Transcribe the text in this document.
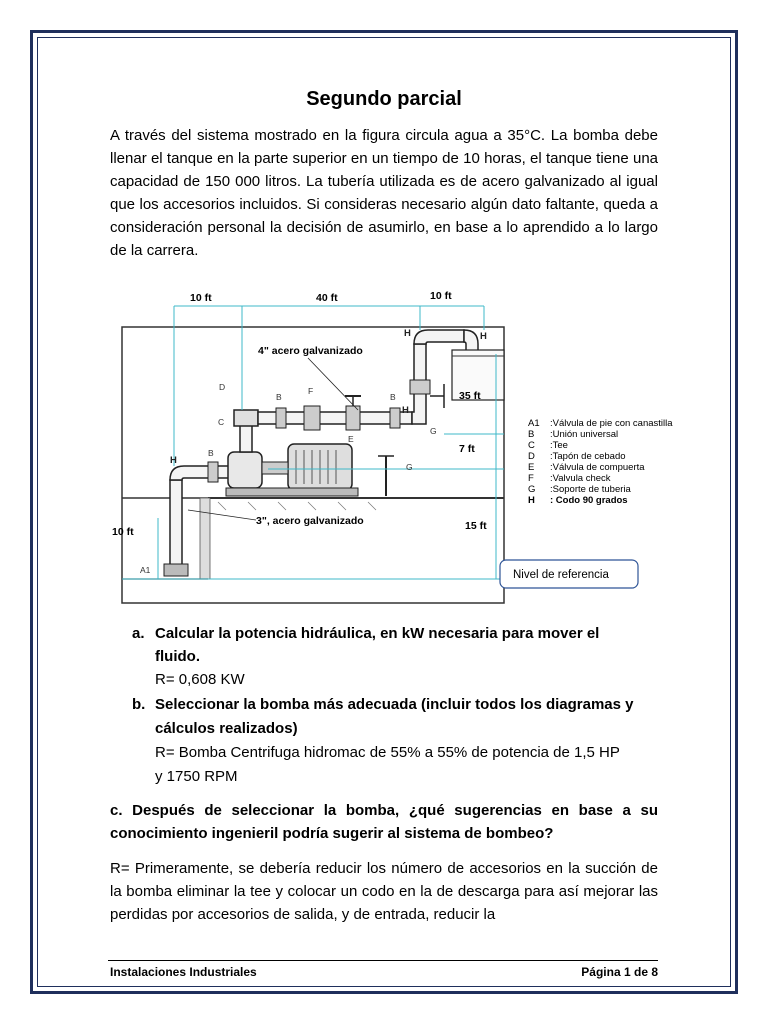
Segundo parcial
A través del sistema mostrado en la figura circula agua a 35°C. La bomba debe llenar el tanque en la parte superior en un tiempo de 10 horas, el tanque tiene una capacidad de 150 000 litros. La tubería utilizada es de acero galvanizado al igual que los accesorios incluidos. Si consideras necesario algún dato faltante, queda a consideración personal la decisión de asumirlo, en base a lo aprendido a lo largo de la carrera.
10 ft	40 ft	10 ft
35 ft
7 ft
15 ft
10 ft
4" acero galvanizado
3", acero galvanizado
D
C
B
F
B
E
B
G
G
A1
H
H	H
H
Nivel de referencia
A1 :Válvula de pie con canastilla
B :Unión universal
C :Tee
D :Tapón de cebado
E :Válvula de compuerta
F :Valvula check
G :Soporte de tuberia
H : Codo 90 grados
a. Calcular la potencia hidráulica, en kW necesaria para mover el
fluido.
R= 0,608 KW
b. Seleccionar la bomba más adecuada (incluir todos los diagramas y
cálculos realizados)
R= Bomba Centrifuga hidromac de 55% a 55% de potencia de 1,5 HP
y 1750 RPM
c. Después de seleccionar la bomba, ¿qué sugerencias en base a su conocimiento ingenieril podría sugerir al sistema de bombeo?
R= Primeramente, se debería reducir los número de accesorios en la succión de la bomba eliminar la tee y colocar un codo en la de descarga para así mejorar las perdidas por accesorios de salida, y de entrada, reducir la
Instalaciones Industriales	Página 1 de 8
